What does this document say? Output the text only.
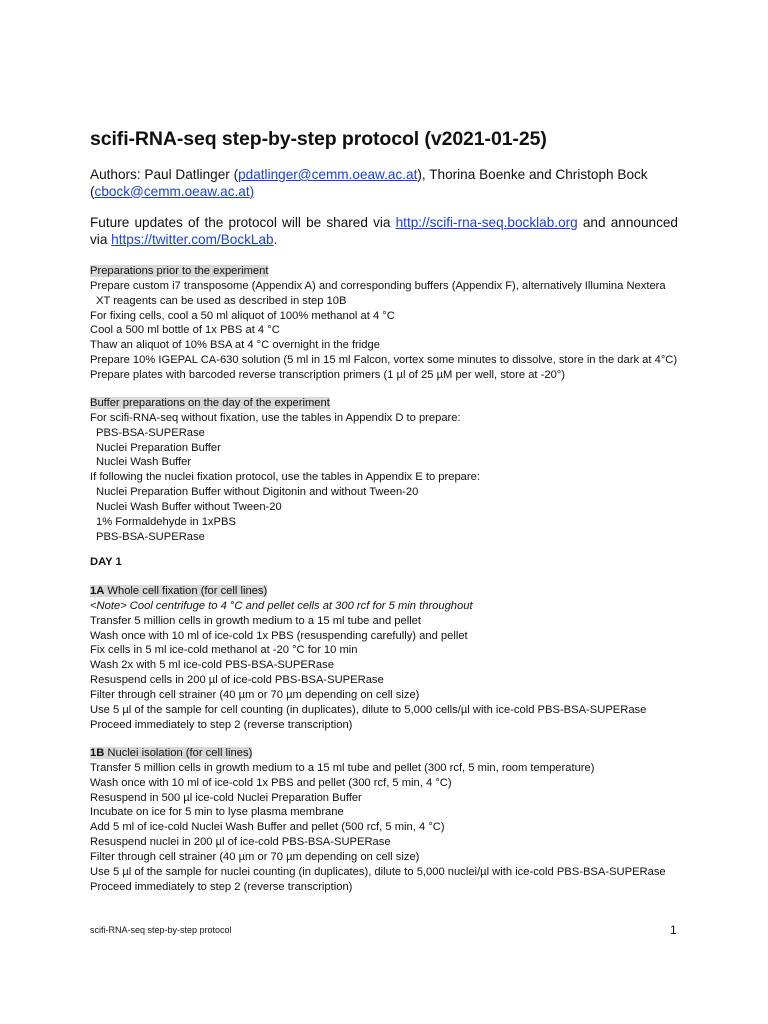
scifi-RNA-seq step-by-step protocol (v2021-01-25)
Authors: Paul Datlinger (pdatlinger@cemm.oeaw.ac.at), Thorina Boenke and Christoph Bock (cbock@cemm.oeaw.ac.at)
Future updates of the protocol will be shared via http://scifi-rna-seq.bocklab.org and announced via https://twitter.com/BockLab.
Preparations prior to the experiment
Prepare custom i7 transposome (Appendix A) and corresponding buffers (Appendix F), alternatively Illumina Nextera
XT reagents can be used as described in step 10B
For fixing cells, cool a 50 ml aliquot of 100% methanol at 4 °C
Cool a 500 ml bottle of 1x PBS at 4 °C
Thaw an aliquot of 10% BSA at 4 °C overnight in the fridge
Prepare 10% IGEPAL CA-630 solution (5 ml in 15 ml Falcon, vortex some minutes to dissolve, store in the dark at 4°C)
Prepare plates with barcoded reverse transcription primers (1 µl of 25 µM per well, store at -20°)
Buffer preparations on the day of the experiment
For scifi-RNA-seq without fixation, use the tables in Appendix D to prepare:
PBS-BSA-SUPERase
Nuclei Preparation Buffer
Nuclei Wash Buffer
If following the nuclei fixation protocol, use the tables in Appendix E to prepare:
Nuclei Preparation Buffer without Digitonin and without Tween-20
Nuclei Wash Buffer without Tween-20
1% Formaldehyde in 1xPBS
PBS-BSA-SUPERase
DAY 1
1A Whole cell fixation (for cell lines)
<Note> Cool centrifuge to 4 °C and pellet cells at 300 rcf for 5 min throughout
Transfer 5 million cells in growth medium to a 15 ml tube and pellet
Wash once with 10 ml of ice-cold 1x PBS (resuspending carefully) and pellet
Fix cells in 5 ml ice-cold methanol at -20 °C for 10 min
Wash 2x with 5 ml ice-cold PBS-BSA-SUPERase
Resuspend cells in 200 µl of ice-cold PBS-BSA-SUPERase
Filter through cell strainer (40 µm or 70 µm depending on cell size)
Use 5 µl of the sample for cell counting (in duplicates), dilute to 5,000 cells/µl with ice-cold PBS-BSA-SUPERase
Proceed immediately to step 2 (reverse transcription)
1B Nuclei isolation (for cell lines)
Transfer 5 million cells in growth medium to a 15 ml tube and pellet (300 rcf, 5 min, room temperature)
Wash once with 10 ml of ice-cold 1x PBS and pellet (300 rcf, 5 min, 4 °C)
Resuspend in 500 µl ice-cold Nuclei Preparation Buffer
Incubate on ice for 5 min to lyse plasma membrane
Add 5 ml of ice-cold Nuclei Wash Buffer and pellet (500 rcf, 5 min, 4 °C)
Resuspend nuclei in 200 µl of ice-cold PBS-BSA-SUPERase
Filter through cell strainer (40 µm or 70 µm depending on cell size)
Use 5 µl of the sample for nuclei counting (in duplicates), dilute to 5,000 nuclei/µl with ice-cold PBS-BSA-SUPERase
Proceed immediately to step 2 (reverse transcription)
scifi-RNA-seq step-by-step protocol	1
